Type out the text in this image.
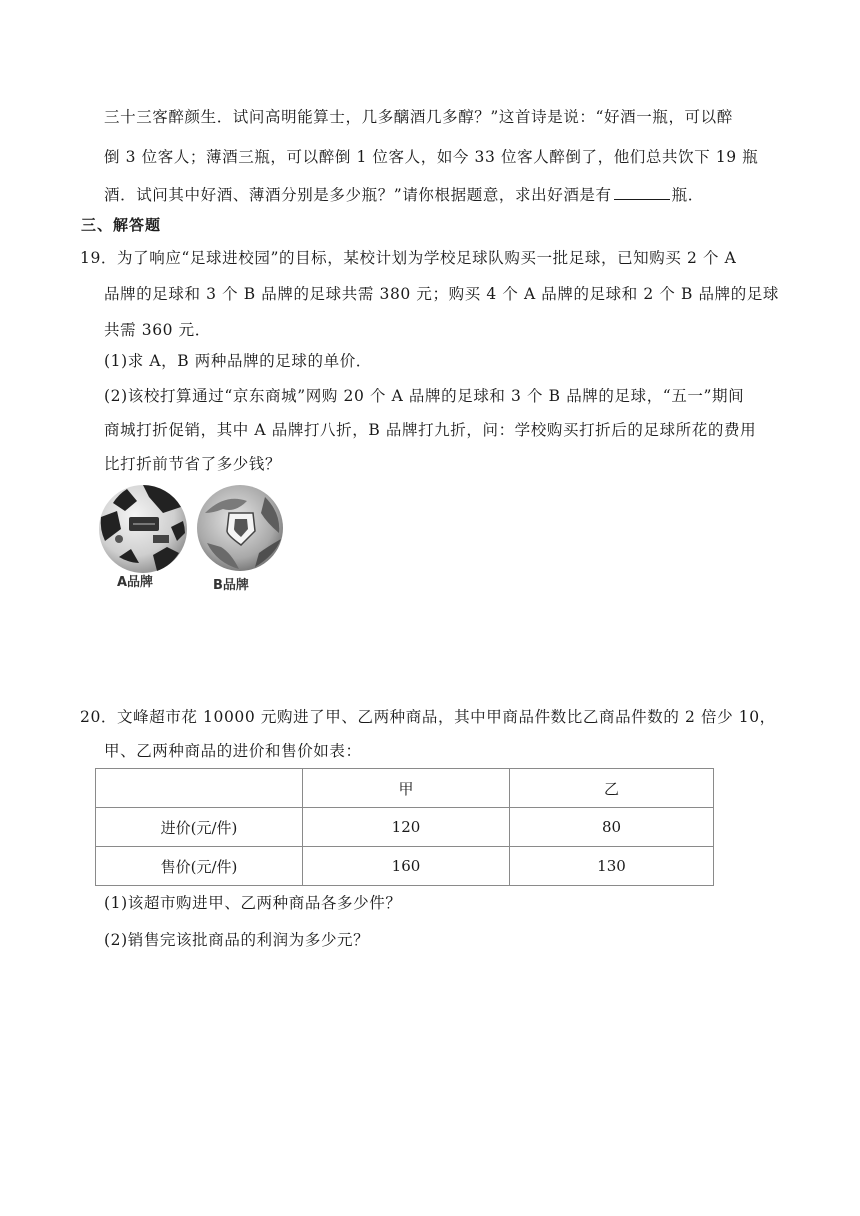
三十三客醉颜生．试问高明能算士，几多醨酒几多醇？”这首诗是说：“好酒一瓶，可以醉
倒 3 位客人；薄酒三瓶，可以醉倒 1 位客人，如今 33 位客人醉倒了，他们总共饮下 19 瓶
酒．试问其中好酒、薄酒分别是多少瓶？”请你根据题意，求出好酒是有	瓶．
三、解答题
19．为了响应“足球进校园”的目标，某校计划为学校足球队购买一批足球，已知购买 2 个 A
品牌的足球和 3 个 B 品牌的足球共需 380 元；购买 4 个 A 品牌的足球和 2 个 B 品牌的足球
共需 360 元．
(1)求 A，B 两种品牌的足球的单价．
(2)该校打算通过“京东商城”网购 20 个 A 品牌的足球和 3 个 B 品牌的足球，“五一”期间
商城打折促销，其中 A 品牌打八折，B 品牌打九折，问：学校购买打折后的足球所花的费用
比打折前节省了多少钱？
A品牌	B品牌
20．文峰超市花 10000 元购进了甲、乙两种商品，其中甲商品件数比乙商品件数的 2 倍少 10，
甲、乙两种商品的进价和售价如表：
	甲	乙
进价(元/件)	120	80
售价(元/件)	160	130
(1)该超市购进甲、乙两种商品各多少件？
(2)销售完该批商品的利润为多少元？
